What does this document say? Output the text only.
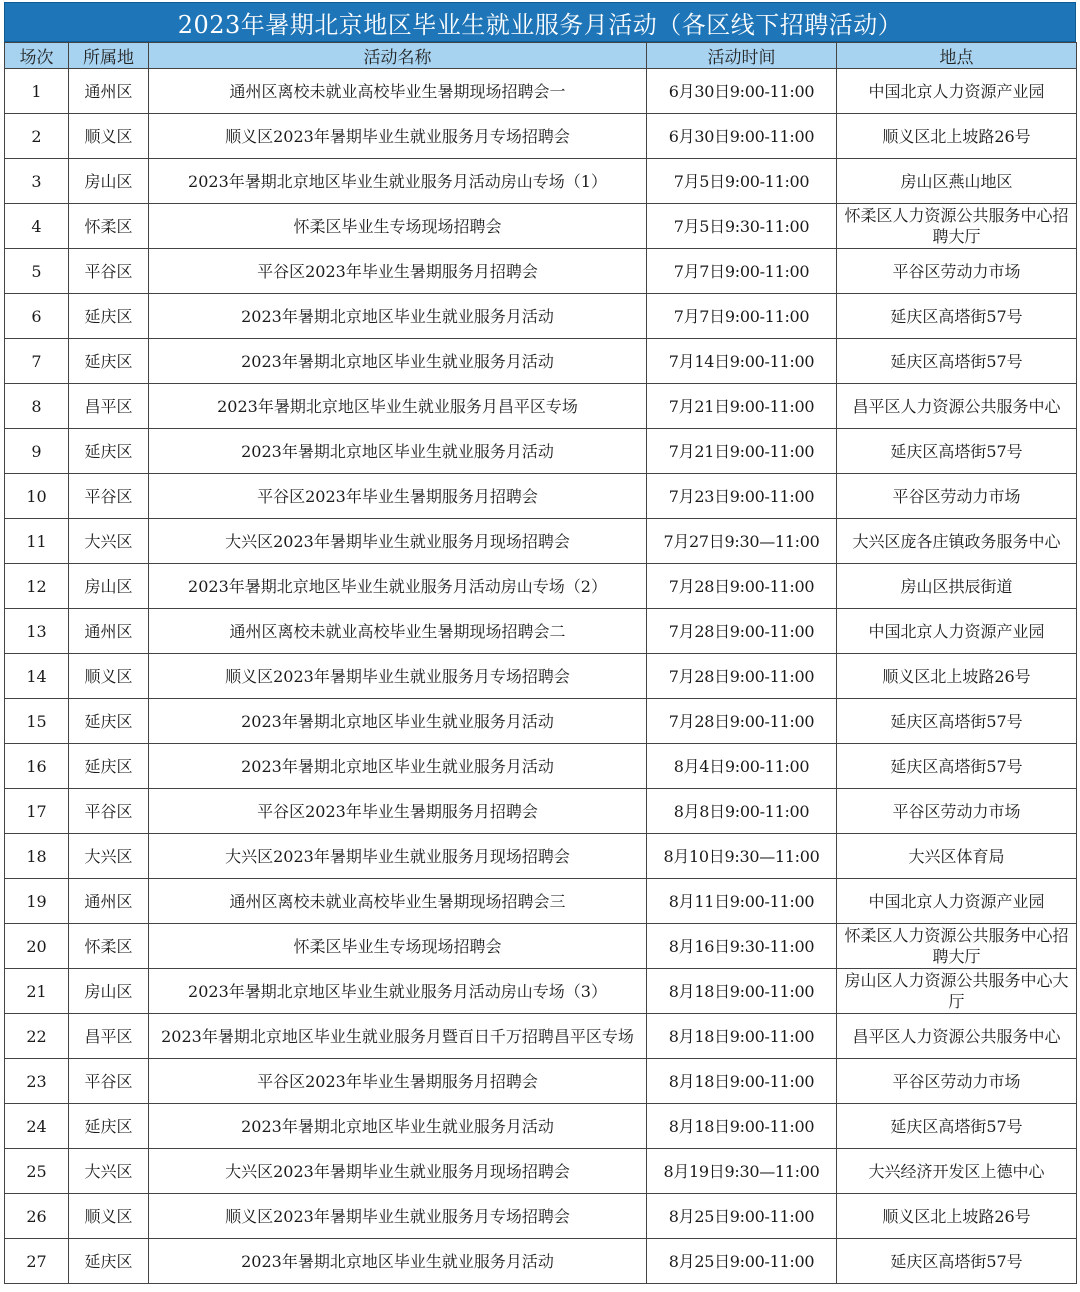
2023年暑期北京地区毕业生就业服务月活动（各区线下招聘活动）
场次	所属地	活动名称	活动时间	地点
1	通州区	通州区离校未就业高校毕业生暑期现场招聘会一	6月30日9:00-11:00	中国北京人力资源产业园
2	顺义区	顺义区2023年暑期毕业生就业服务月专场招聘会	6月30日9:00-11:00	顺义区北上坡路26号
3	房山区	2023年暑期北京地区毕业生就业服务月活动房山专场（1）	7月5日9:00-11:00	房山区燕山地区
4	怀柔区	怀柔区毕业生专场现场招聘会	7月5日9:30-11:00	怀柔区人力资源公共服务中心招聘大厅
5	平谷区	平谷区2023年毕业生暑期服务月招聘会	7月7日9:00-11:00	平谷区劳动力市场
6	延庆区	2023年暑期北京地区毕业生就业服务月活动	7月7日9:00-11:00	延庆区高塔街57号
7	延庆区	2023年暑期北京地区毕业生就业服务月活动	7月14日9:00-11:00	延庆区高塔街57号
8	昌平区	2023年暑期北京地区毕业生就业服务月昌平区专场	7月21日9:00-11:00	昌平区人力资源公共服务中心
9	延庆区	2023年暑期北京地区毕业生就业服务月活动	7月21日9:00-11:00	延庆区高塔街57号
10	平谷区	平谷区2023年毕业生暑期服务月招聘会	7月23日9:00-11:00	平谷区劳动力市场
11	大兴区	大兴区2023年暑期毕业生就业服务月现场招聘会	7月27日9:30—11:00	大兴区庞各庄镇政务服务中心
12	房山区	2023年暑期北京地区毕业生就业服务月活动房山专场（2）	7月28日9:00-11:00	房山区拱辰街道
13	通州区	通州区离校未就业高校毕业生暑期现场招聘会二	7月28日9:00-11:00	中国北京人力资源产业园
14	顺义区	顺义区2023年暑期毕业生就业服务月专场招聘会	7月28日9:00-11:00	顺义区北上坡路26号
15	延庆区	2023年暑期北京地区毕业生就业服务月活动	7月28日9:00-11:00	延庆区高塔街57号
16	延庆区	2023年暑期北京地区毕业生就业服务月活动	8月4日9:00-11:00	延庆区高塔街57号
17	平谷区	平谷区2023年毕业生暑期服务月招聘会	8月8日9:00-11:00	平谷区劳动力市场
18	大兴区	大兴区2023年暑期毕业生就业服务月现场招聘会	8月10日9:30—11:00	大兴区体育局
19	通州区	通州区离校未就业高校毕业生暑期现场招聘会三	8月11日9:00-11:00	中国北京人力资源产业园
20	怀柔区	怀柔区毕业生专场现场招聘会	8月16日9:30-11:00	怀柔区人力资源公共服务中心招聘大厅
21	房山区	2023年暑期北京地区毕业生就业服务月活动房山专场（3）	8月18日9:00-11:00	房山区人力资源公共服务中心大厅
22	昌平区	2023年暑期北京地区毕业生就业服务月暨百日千万招聘昌平区专场	8月18日9:00-11:00	昌平区人力资源公共服务中心
23	平谷区	平谷区2023年毕业生暑期服务月招聘会	8月18日9:00-11:00	平谷区劳动力市场
24	延庆区	2023年暑期北京地区毕业生就业服务月活动	8月18日9:00-11:00	延庆区高塔街57号
25	大兴区	大兴区2023年暑期毕业生就业服务月现场招聘会	8月19日9:30—11:00	大兴经济开发区上德中心
26	顺义区	顺义区2023年暑期毕业生就业服务月专场招聘会	8月25日9:00-11:00	顺义区北上坡路26号
27	延庆区	2023年暑期北京地区毕业生就业服务月活动	8月25日9:00-11:00	延庆区高塔街57号
